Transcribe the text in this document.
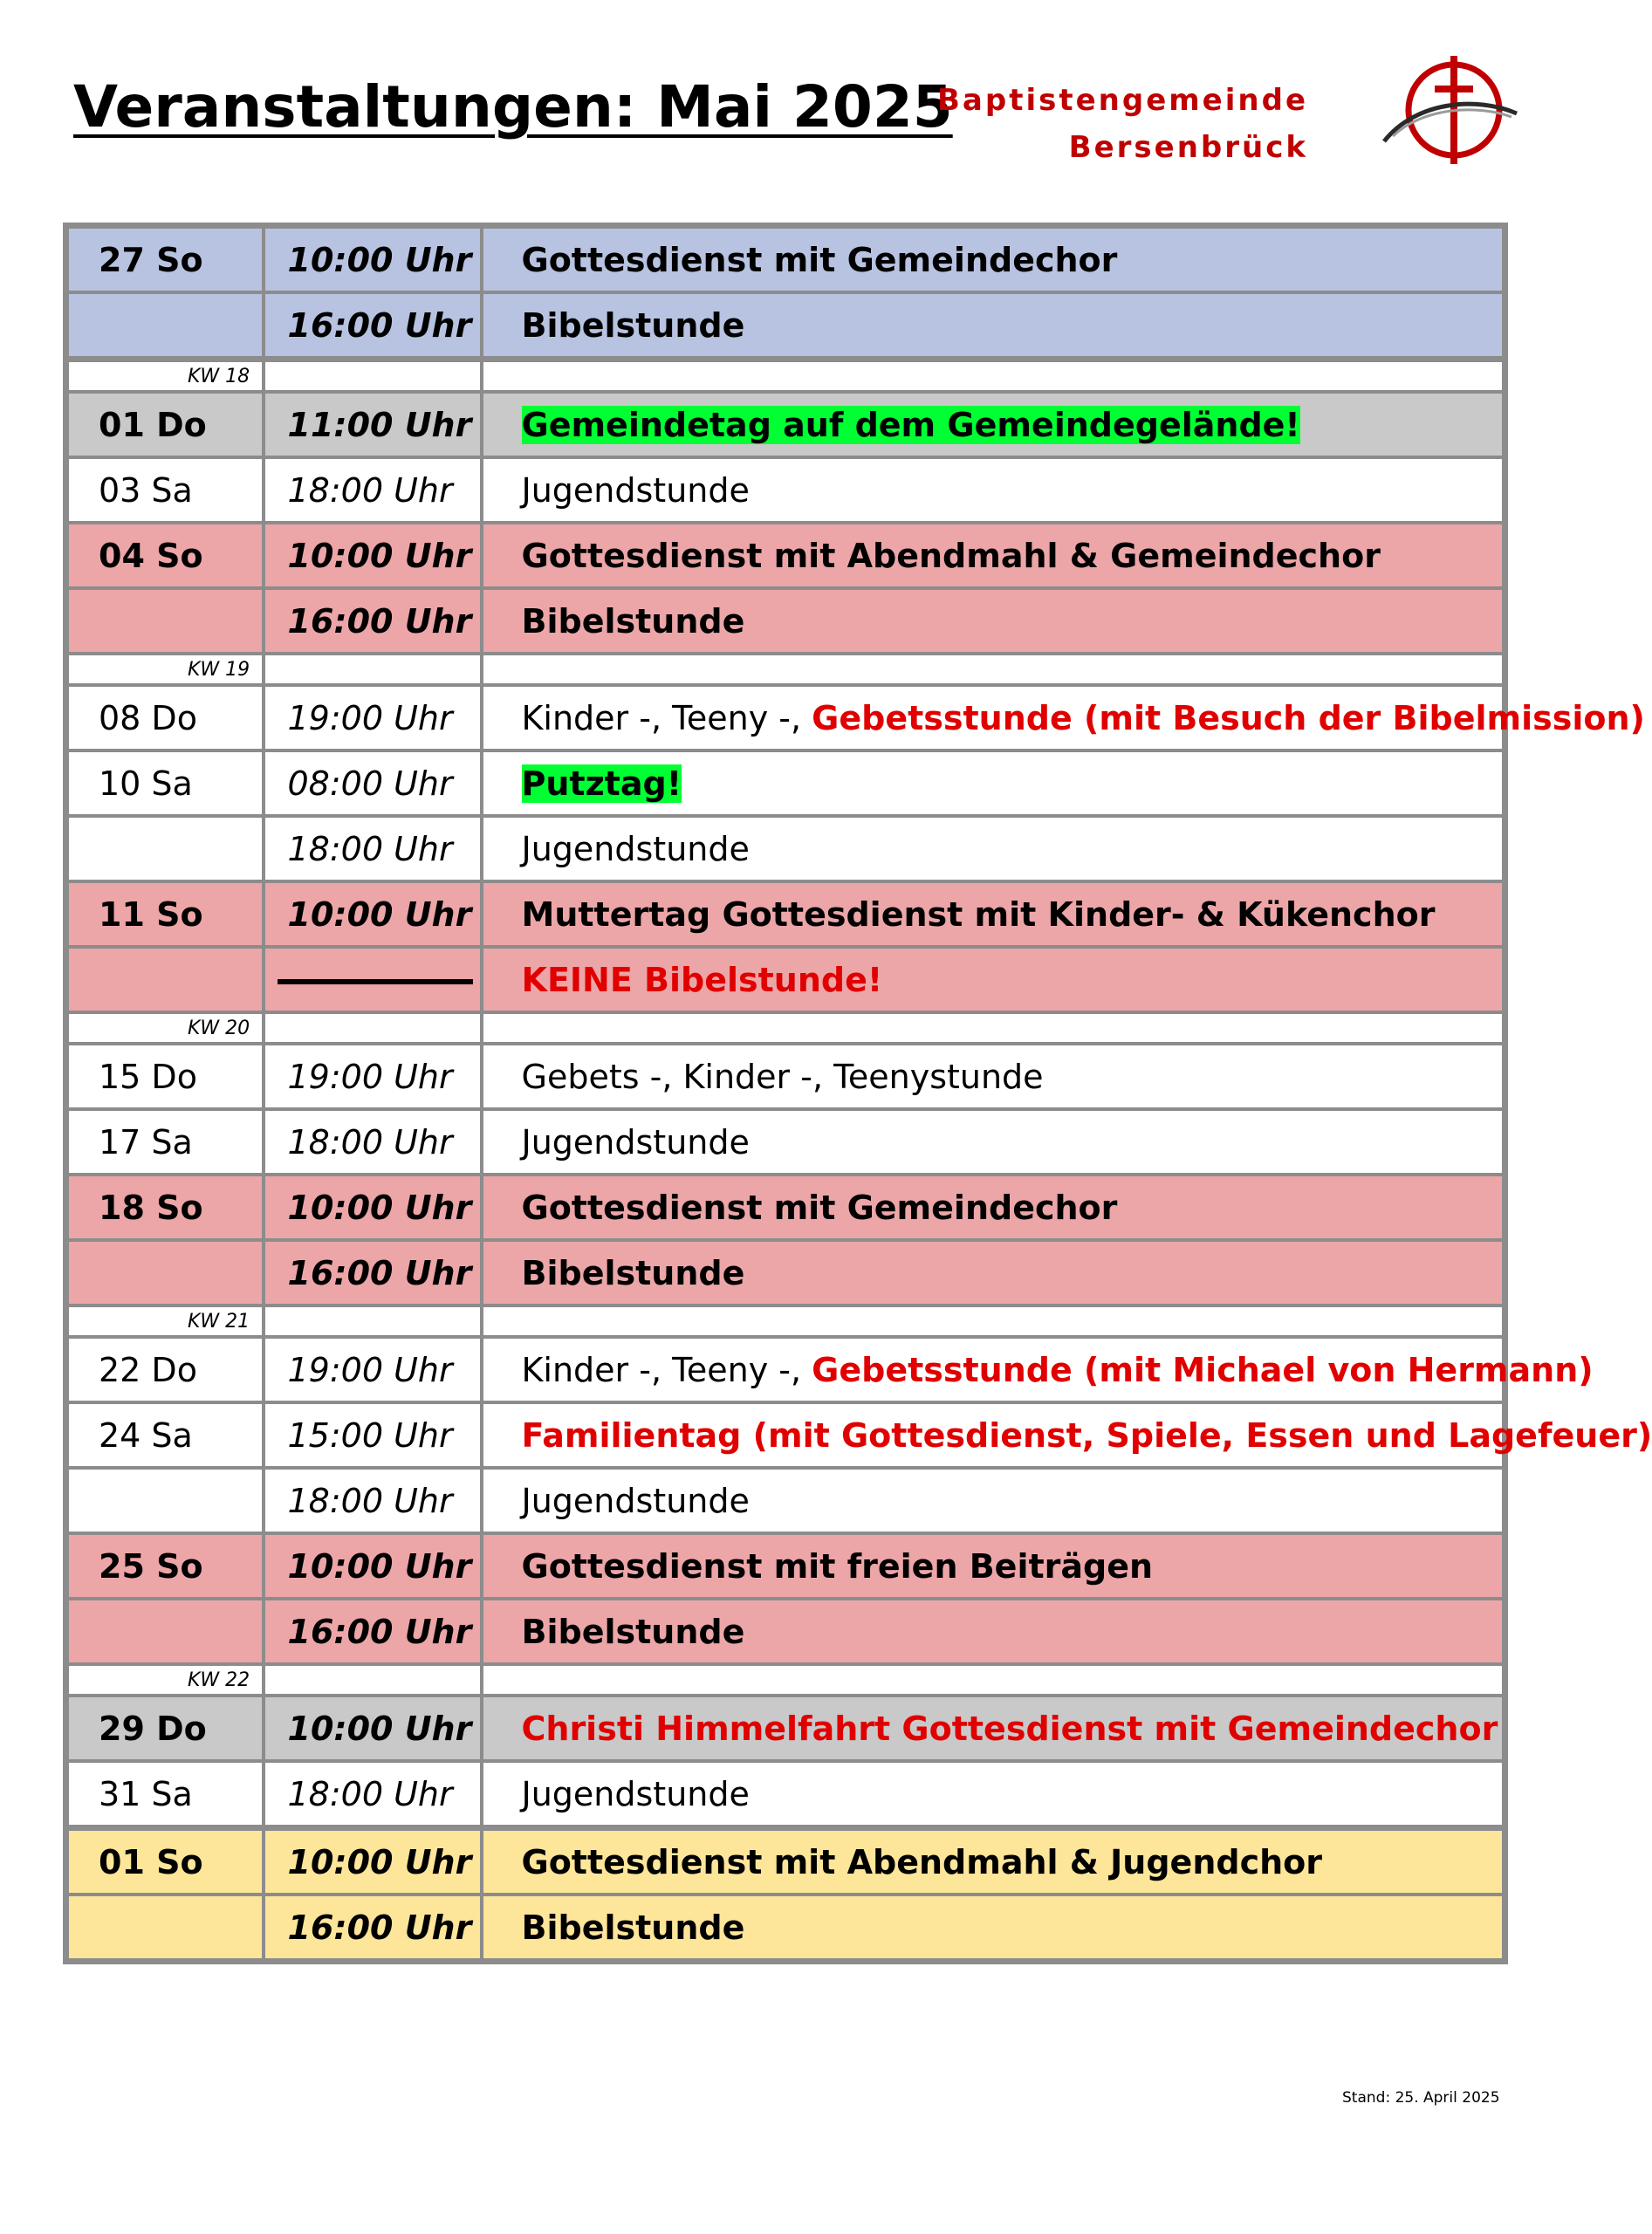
Veranstaltungen: Mai 2025
Baptistengemeinde
Bersenbrück
27 So	10:00 Uhr	Gottesdienst mit Gemeindechor
	16:00 Uhr	Bibelstunde
KW 18		
01 Do	11:00 Uhr	Gemeindetag auf dem Gemeindegelände!
03 Sa	18:00 Uhr	Jugendstunde
04 So	10:00 Uhr	Gottesdienst mit Abendmahl & Gemeindechor
	16:00 Uhr	Bibelstunde
KW 19		
08 Do	19:00 Uhr	Kinder -, Teeny -, Gebetsstunde (mit Besuch der Bibelmission)
10 Sa	08:00 Uhr	Putztag!
	18:00 Uhr	Jugendstunde
11 So	10:00 Uhr	Muttertag Gottesdienst mit Kinder- & Kükenchor
		KEINE Bibelstunde!
KW 20		
15 Do	19:00 Uhr	Gebets -, Kinder -, Teenystunde
17 Sa	18:00 Uhr	Jugendstunde
18 So	10:00 Uhr	Gottesdienst mit Gemeindechor
	16:00 Uhr	Bibelstunde
KW 21		
22 Do	19:00 Uhr	Kinder -, Teeny -, Gebetsstunde (mit Michael von Hermann)
24 Sa	15:00 Uhr	Familientag (mit Gottesdienst, Spiele, Essen und Lagefeuer)
	18:00 Uhr	Jugendstunde
25 So	10:00 Uhr	Gottesdienst mit freien Beiträgen
	16:00 Uhr	Bibelstunde
KW 22		
29 Do	10:00 Uhr	Christi Himmelfahrt Gottesdienst mit Gemeindechor
31 Sa	18:00 Uhr	Jugendstunde
01 So	10:00 Uhr	Gottesdienst mit Abendmahl & Jugendchor
	16:00 Uhr	Bibelstunde
Stand: 25. April 2025
